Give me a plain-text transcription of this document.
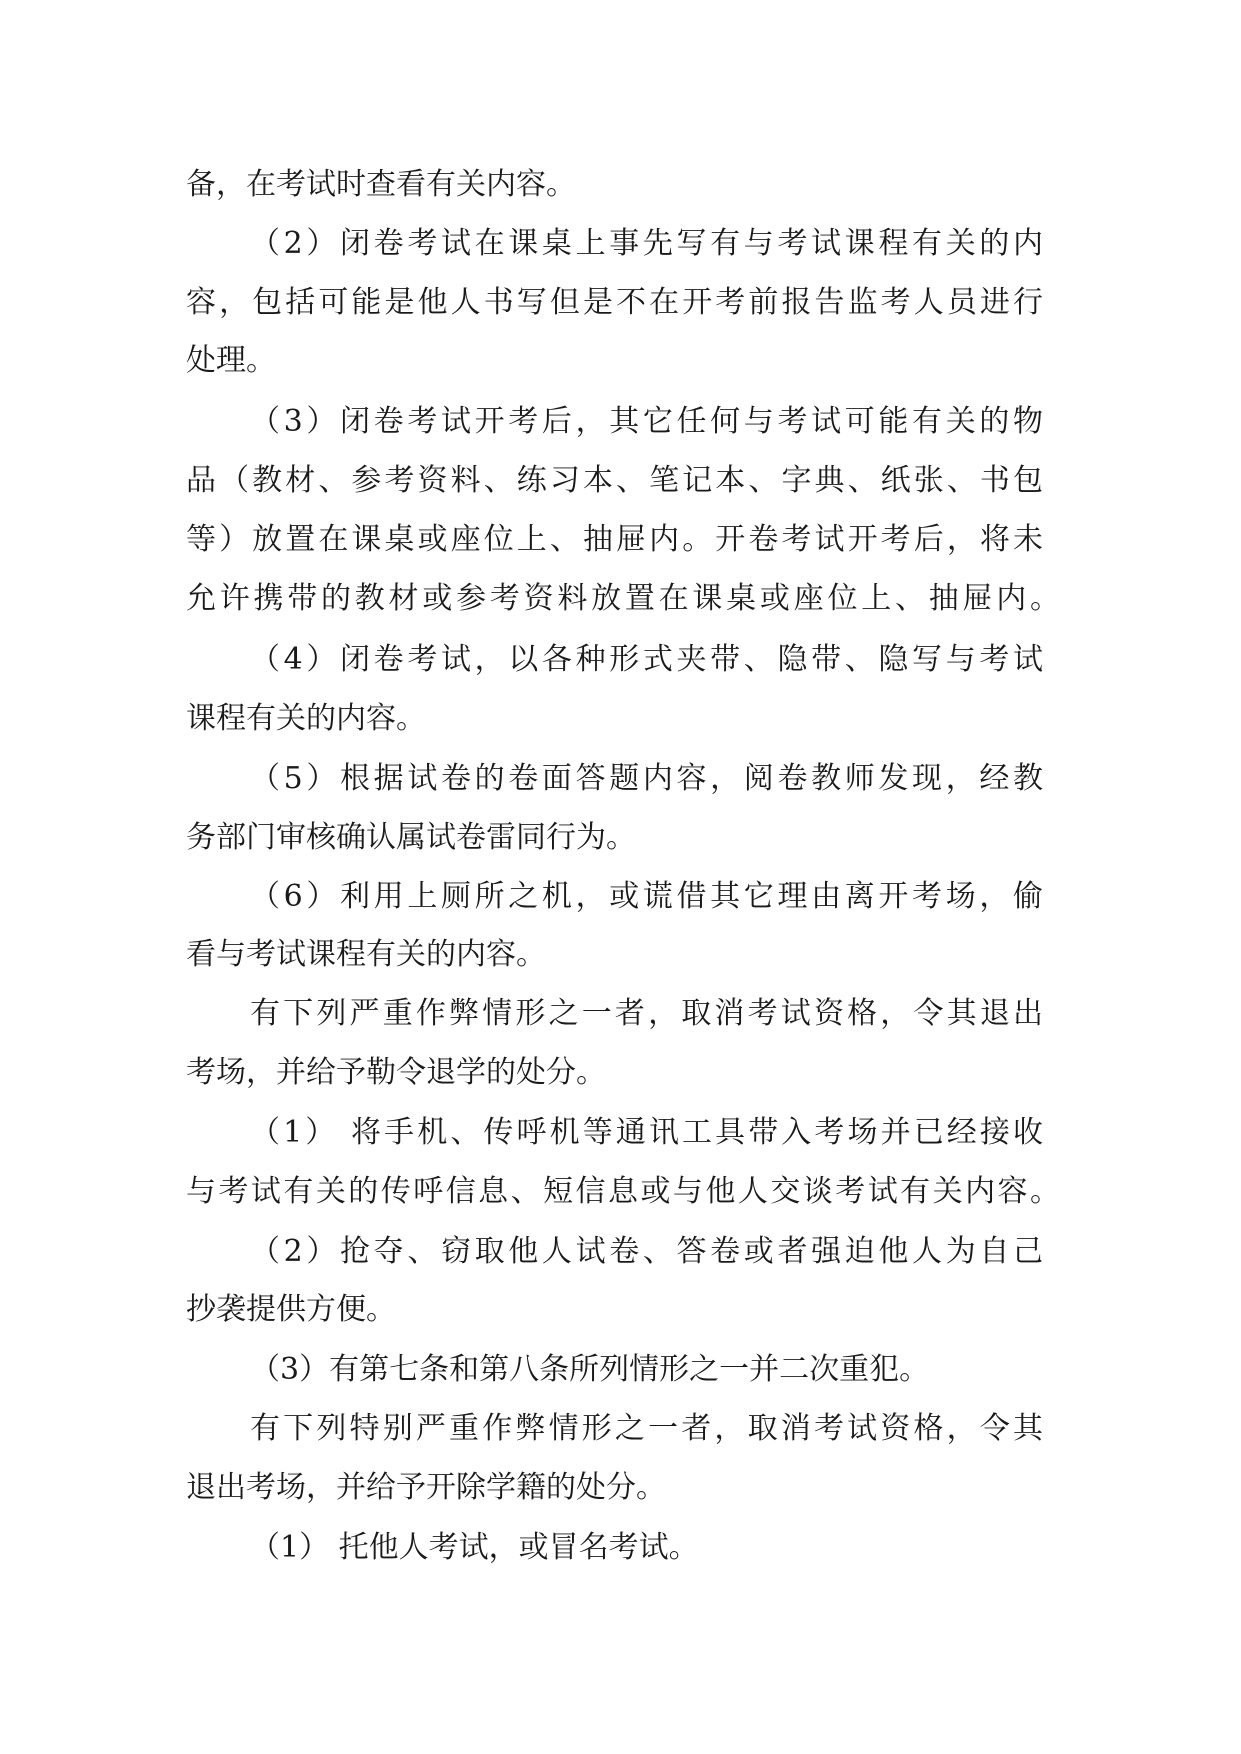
备，在考试时查看有关内容。
（2）闭卷考试在课桌上事先写有与考试课程有关的内
容，包括可能是他人书写但是不在开考前报告监考人员进行
处理。
（3）闭卷考试开考后，其它任何与考试可能有关的物
品（教材、参考资料、练习本、笔记本、字典、纸张、书包
等）放置在课桌或座位上、抽屉内。开卷考试开考后，将未
允许携带的教材或参考资料放置在课桌或座位上、抽屉内。
（4）闭卷考试，以各种形式夹带、隐带、隐写与考试
课程有关的内容。
（5）根据试卷的卷面答题内容，阅卷教师发现，经教
务部门审核确认属试卷雷同行为。
（6）利用上厕所之机，或谎借其它理由离开考场，偷
看与考试课程有关的内容。
有下列严重作弊情形之一者，取消考试资格，令其退出
考场，并给予勒令退学的处分。
（1） 将手机、传呼机等通讯工具带入考场并已经接收
与考试有关的传呼信息、短信息或与他人交谈考试有关内容。
（2）抢夺、窃取他人试卷、答卷或者强迫他人为自己
抄袭提供方便。
（3）有第七条和第八条所列情形之一并二次重犯。
有下列特别严重作弊情形之一者，取消考试资格，令其
退出考场，并给予开除学籍的处分。
（1） 托他人考试，或冒名考试。
